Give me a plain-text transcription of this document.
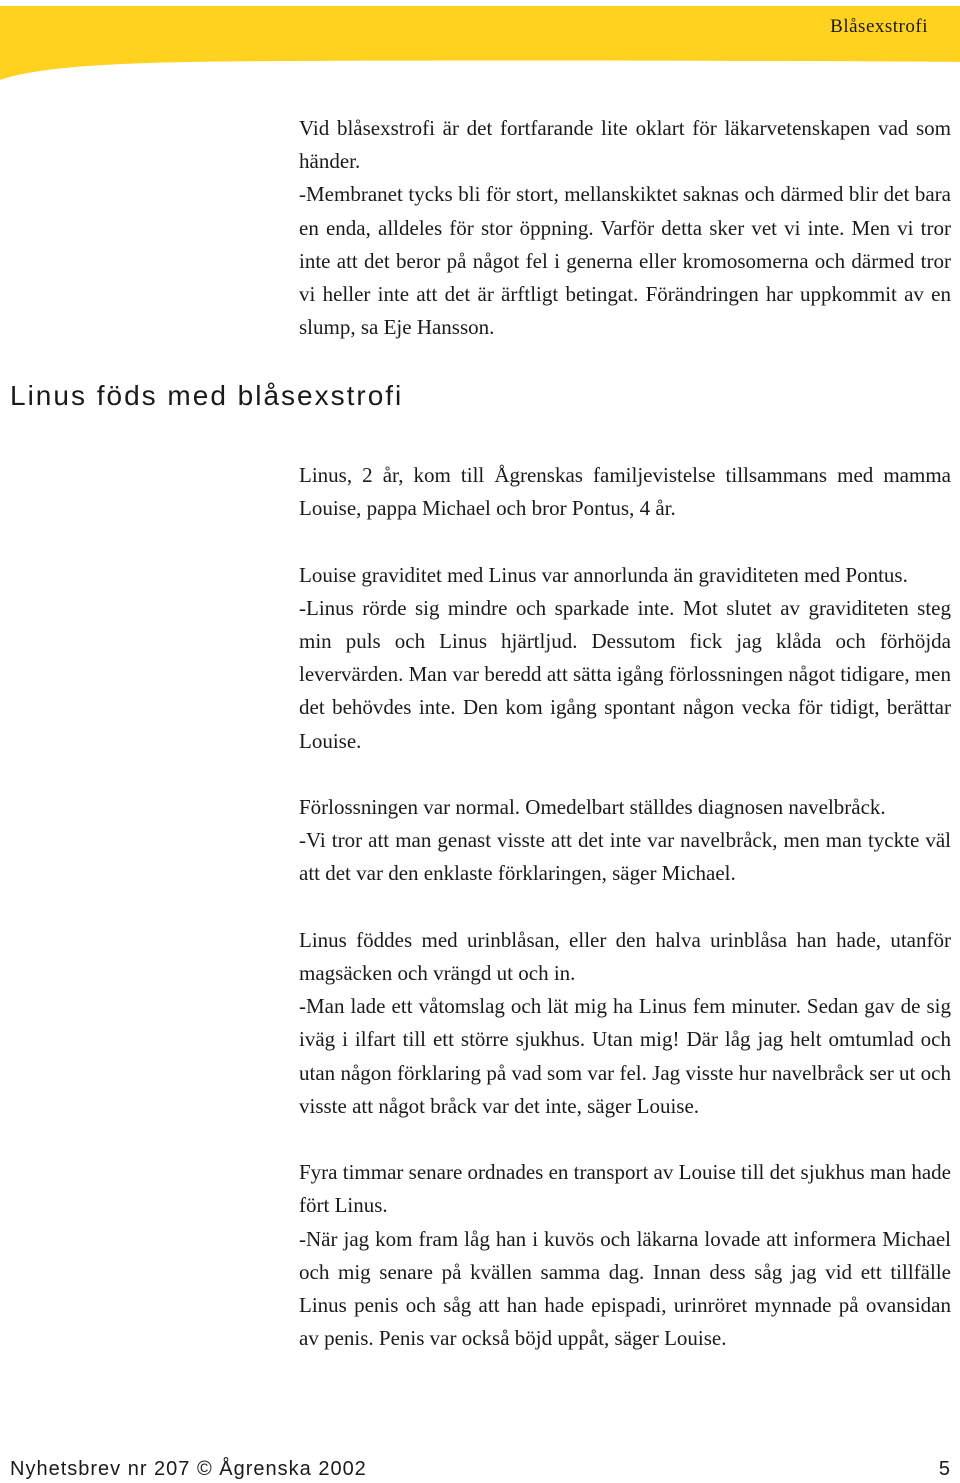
Blåsexstrofi

Vid blåsexstrofi är det fortfarande lite oklart för läkarvetenskapen vad som händer.

-Membranet tycks bli för stort, mellanskiktet saknas och därmed blir det bara en enda, alldeles för stor öppning. Varför detta sker vet vi inte. Men vi tror inte att det beror på något fel i generna eller kromosomerna och därmed tror vi heller inte att det är ärftligt betingat. Förändringen har uppkommit av en slump, sa Eje Hansson.

Linus föds med blåsexstrofi

Linus, 2 år, kom till Ågrenskas familjevistelse tillsammans med mamma Louise, pappa Michael och bror Pontus, 4 år.

Louise graviditet med Linus var annorlunda än graviditeten med Pontus.

-Linus rörde sig mindre och sparkade inte. Mot slutet av graviditeten steg min puls och Linus hjärtljud. Dessutom fick jag klåda och förhöjda levervärden. Man var beredd att sätta igång förlossningen något tidigare, men det behövdes inte. Den kom igång spontant någon vecka för tidigt, berättar Louise.

Förlossningen var normal. Omedelbart ställdes diagnosen navelbråck.

-Vi tror att man genast visste att det inte var navelbråck, men man tyckte väl att det var den enklaste förklaringen, säger Michael.

Linus föddes med urinblåsan, eller den halva urinblåsa han hade, utanför magsäcken och vrängd ut och in.

-Man lade ett våtomslag och lät mig ha Linus fem minuter. Sedan gav de sig iväg i ilfart till ett större sjukhus. Utan mig! Där låg jag helt omtumlad och utan någon förklaring på vad som var fel. Jag visste hur navelbråck ser ut och visste att något bråck var det inte, säger Louise.

Fyra timmar senare ordnades en transport av Louise till det sjukhus man hade fört Linus.

-När jag kom fram låg han i kuvös och läkarna lovade att informera Michael och mig senare på kvällen samma dag. Innan dess såg jag vid ett tillfälle Linus penis och såg att han hade epispadi, urinröret mynnade på ovansidan av penis. Penis var också böjd uppåt, säger Louise.

Nyhetsbrev nr 207 © Ågrenska 2002	5
